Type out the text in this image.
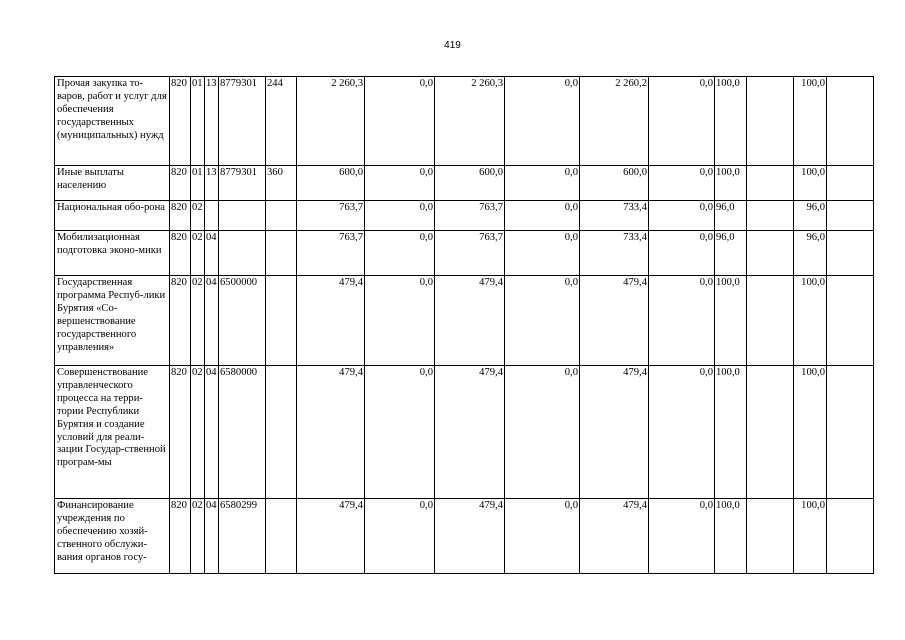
419
Прочая закупка то-варов, работ и услуг для обеспечения государственных (муниципальных) нужд	820	01	13	8779301	244	2 260,3	0,0	2 260,3	0,0	2 260,2	0,0	100,0		100,0	
Иные выплаты населению	820	01	13	8779301	360	600,0	0,0	600,0	0,0	600,0	0,0	100,0		100,0	
Национальная обо-рона	820	02				763,7	0,0	763,7	0,0	733,4	0,0	96,0		96,0	
Мобилизационная подготовка эконо-мики	820	02	04			763,7	0,0	763,7	0,0	733,4	0,0	96,0		96,0	
Государственная программа Респуб-лики Бурятия «Со-вершенствование государственного управления»	820	02	04	6500000		479,4	0,0	479,4	0,0	479,4	0,0	100,0		100,0	
Совершенствование управленческого процесса на терри-тории Республики Бурятия и создание условий для реали-зации Государ-ственной програм-мы	820	02	04	6580000		479,4	0,0	479,4	0,0	479,4	0,0	100,0		100,0	
Финансирование учреждения по обеспечению хозяй-ственного обслужи-вания органов госу-	820	02	04	6580299		479,4	0,0	479,4	0,0	479,4	0,0	100,0		100,0	
